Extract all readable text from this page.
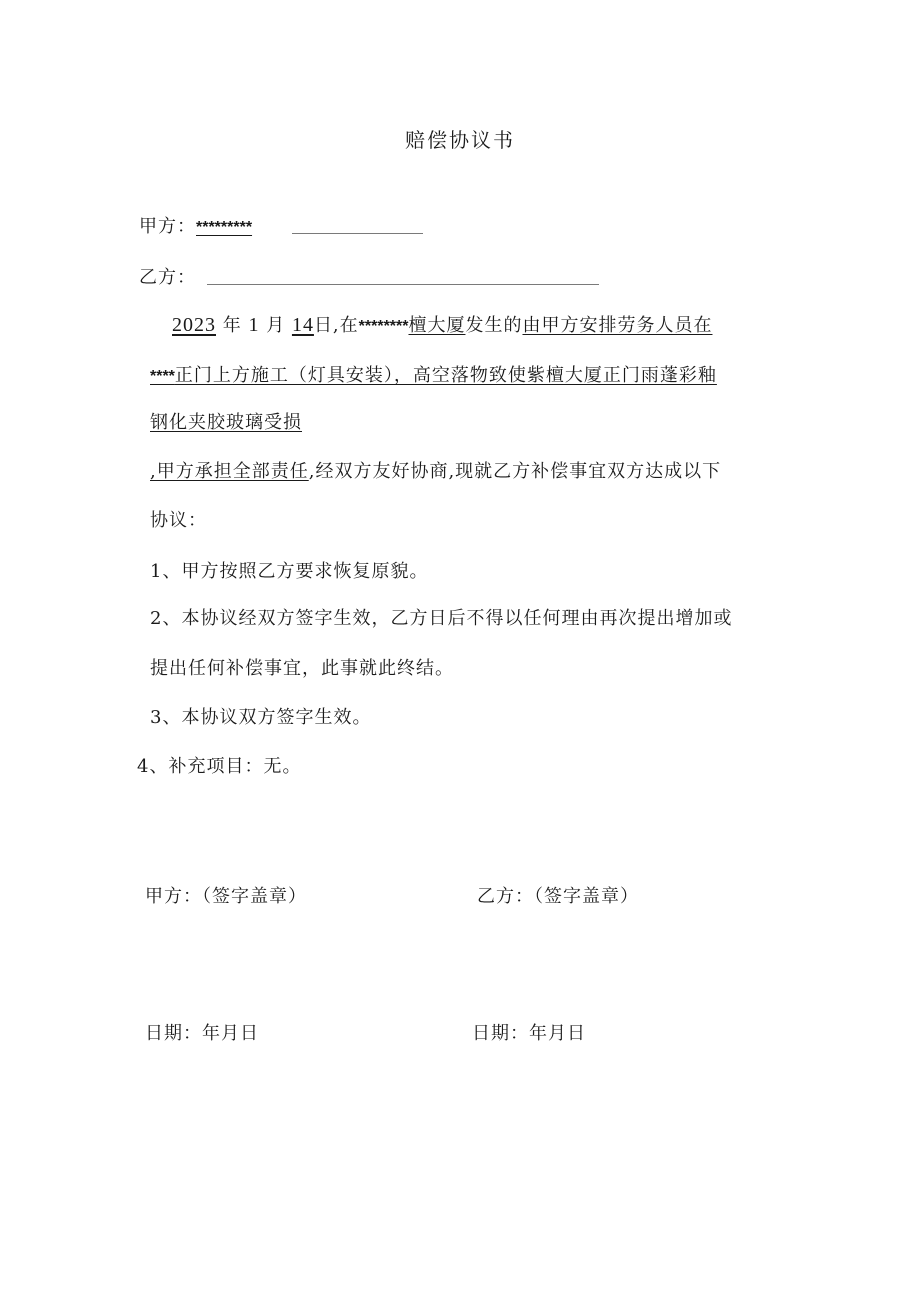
赔偿协议书
甲方：*********
乙方：
2023 年 1 月 14日,在********檀大厦发生的由甲方安排劳务人员在
****正门上方施工（灯具安装），高空落物致使紫檀大厦正门雨蓬彩釉
钢化夹胶玻璃受损
,甲方承担全部责任,经双方友好协商,现就乙方补偿事宜双方达成以下
协议：
1、甲方按照乙方要求恢复原貌。
2、本协议经双方签字生效，乙方日后不得以任何理由再次提出增加或
提出任何补偿事宜，此事就此终结。
3、本协议双方签字生效。
4、补充项目：无。
甲方：（签字盖章）	乙方：（签字盖章）
日期：年月日	日期：年月日
